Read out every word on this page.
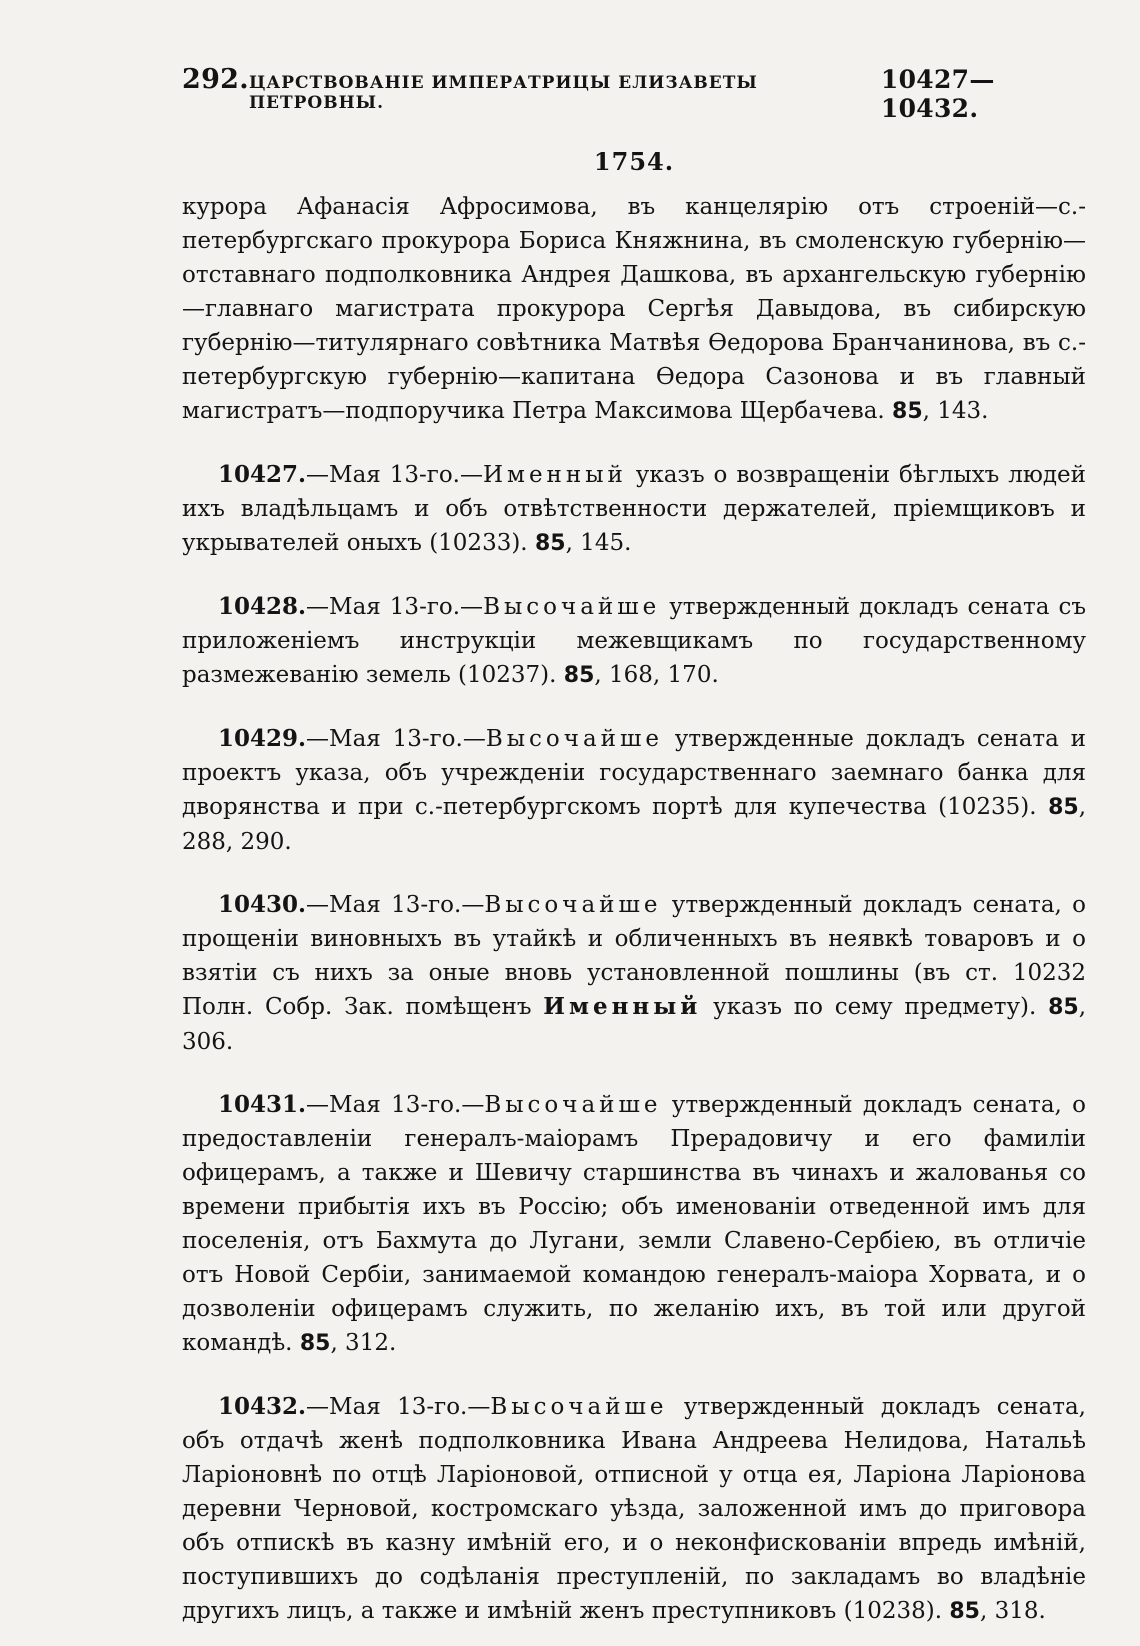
292. ЦАРСТВОВАНІЕ ИМПЕРАТРИЦЫ ЕЛИЗАВЕТЫ ПЕТРОВНЫ.
10427—10432.
1754.

курора Афанасія Афросимова, въ канцелярію отъ строеній—с.-петербургскаго прокурора Бориса Княжнина, въ смоленскую губернію—отставнаго подполковника Андрея Дашкова, въ архангельскую губернію—главнаго магистрата прокурора Сергѣя Давыдова, въ сибирскую губернію—титулярнаго совѣтника Матвѣя Ѳедорова Бранчанинова, въ с.-петербургскую губернію—капитана Ѳедора Сазонова и въ главный магистратъ—подпоручика Петра Максимова Щербачева. 85, 143.

10427.—Мая 13-го.—Именный указъ о возвращеніи бѣглыхъ людей ихъ владѣльцамъ и объ отвѣтственности держателей, пріемщиковъ и укрывателей оныхъ (10233). 85, 145.

10428.—Мая 13-го.—Высочайше утвержденный докладъ сената съ приложеніемъ инструкціи межевщикамъ по государственному размежеванію земель (10237). 85, 168, 170.

10429.—Мая 13-го.—Высочайше утвержденные докладъ сената и проектъ указа, объ учрежденіи государственнаго заемнаго банка для дворянства и при с.-петербургскомъ портѣ для купечества (10235). 85, 288, 290.

10430.—Мая 13-го.—Высочайше утвержденный докладъ сената, о прощеніи виновныхъ въ утайкѣ и обличенныхъ въ неявкѣ товаровъ и о взятіи съ нихъ за оные вновь установленной пошлины (въ ст. 10232 Полн. Собр. Зак. помѣщенъ Именный указъ по сему предмету). 85, 306.

10431.—Мая 13-го.—Высочайше утвержденный докладъ сената, о предоставленіи генералъ-маіорамъ Прерадовичу и его фамиліи офицерамъ, а также и Шевичу старшинства въ чинахъ и жалованья со времени прибытія ихъ въ Россію; объ именованіи отведенной имъ для поселенія, отъ Бахмута до Лугани, земли Славено-Сербіею, въ отличіе отъ Новой Сербіи, занимаемой командою генералъ-маіора Хорвата, и о дозволеніи офицерамъ служить, по желанію ихъ, въ той или другой командѣ. 85, 312.

10432.—Мая 13-го.—Высочайше утвержденный докладъ сената, объ отдачѣ женѣ подполковника Ивана Андреева Нелидова, Натальѣ Ларіоновнѣ по отцѣ Ларіоновой, отписной у отца ея, Ларіона Ларіонова деревни Черновой, костромскаго уѣзда, заложенной имъ до приговора объ отпискѣ въ казну имѣній его, и о неконфискованіи впредь имѣній, поступившихъ до содѣланія преступленій, по закладамъ во владѣніе другихъ лицъ, а также и имѣній женъ преступниковъ (10238). 85, 318.
